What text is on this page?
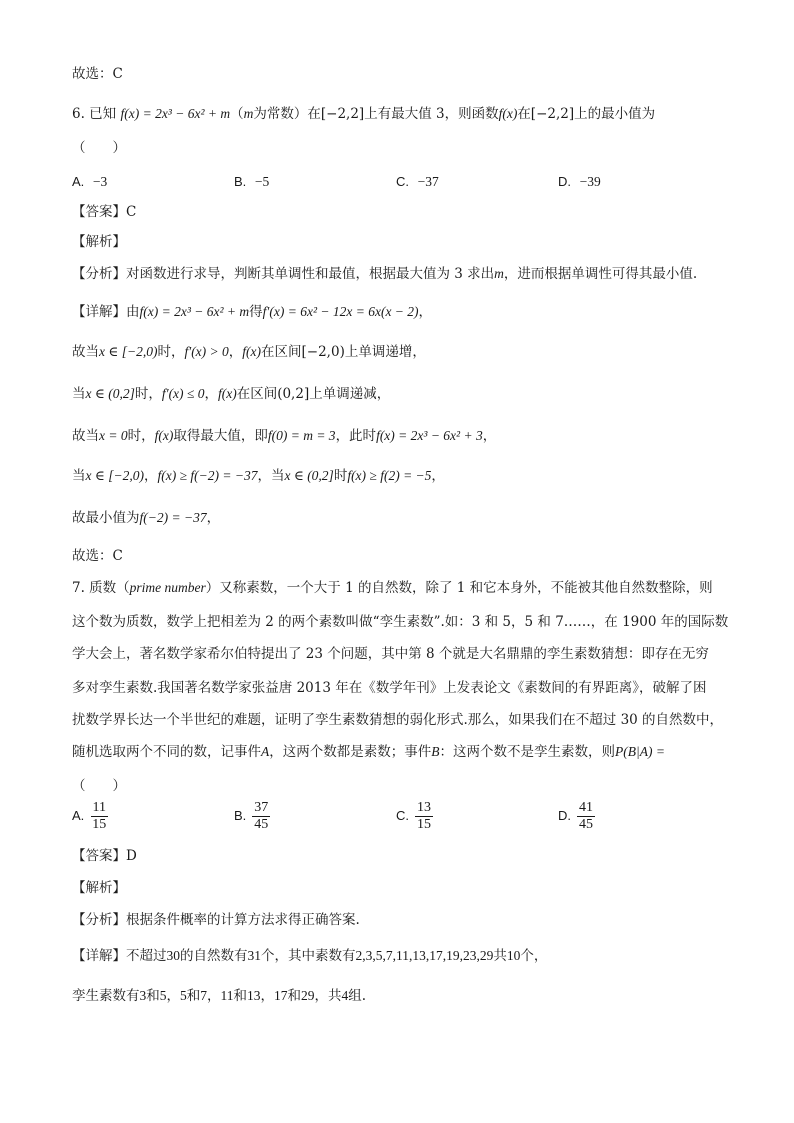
故选：C
6. 已知 f(x) = 2x³ − 6x² + m（m为常数）在[−2,2]上有最大值 3，则函数f(x)在[−2,2]上的最小值为
（　　）
A. −3	B. −5	C. −37	D. −39
【答案】C
【解析】
【分析】对函数进行求导，判断其单调性和最值，根据最大值为 3 求出m，进而根据单调性可得其最小值.
【详解】由f(x) = 2x³ − 6x² + m得f′(x) = 6x² − 12x = 6x(x − 2)，
故当x ∈ [−2,0)时，f′(x) > 0，f(x)在区间[−2,0)上单调递增，
当x ∈ (0,2]时，f′(x) ≤ 0，f(x)在区间(0,2]上单调递减，
故当x = 0时，f(x)取得最大值，即f(0) = m = 3，此时f(x) = 2x³ − 6x² + 3，
当x ∈ [−2,0)，f(x) ≥ f(−2) = −37，当x ∈ (0,2]时f(x) ≥ f(2) = −5，
故最小值为f(−2) = −37，
故选：C
7. 质数（prime number）又称素数，一个大于 1 的自然数，除了 1 和它本身外，不能被其他自然数整除，则
这个数为质数，数学上把相差为 2 的两个素数叫做“孪生素数”.如：3 和 5，5 和 7……，在 1900 年的国际数
学大会上，著名数学家希尔伯特提出了 23 个问题，其中第 8 个就是大名鼎鼎的孪生素数猜想：即存在无穷
多对孪生素数.我国著名数学家张益唐 2013 年在《数学年刊》上发表论文《素数间的有界距离》，破解了困
扰数学界长达一个半世纪的难题，证明了孪生素数猜想的弱化形式.那么，如果我们在不超过 30 的自然数中，
随机选取两个不同的数，记事件A，这两个数都是素数；事件B：这两个数不是孪生素数，则P(B|A) =
（　　）
A. $\frac{11}{15}$	B. $\frac{37}{45}$	C. $\frac{13}{15}$	D. $\frac{41}{45}$
【答案】D
【解析】
【分析】根据条件概率的计算方法求得正确答案.
【详解】不超过30的自然数有31个，其中素数有2,3,5,7,11,13,17,19,23,29共10个，
孪生素数有3和5，5和7，11和13，17和29，共4组.
